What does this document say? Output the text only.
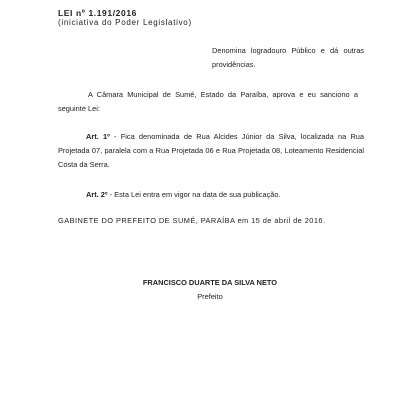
LEI nº 1.191/2016
(iniciativa do Poder Legislativo)
Denomina logradouro Público e dá outras providências.
A Câmara Municipal de Sumé, Estado da Paraíba, aprova e eu sanciono a seguinte Lei:
Art. 1º - Fica denominada de Rua Alcides Júnior da Silva, localizada na Rua Projetada 07, paralela com a Rua Projetada 06 e Rua Projetada 08, Loteamento Residencial Costa da Serra.
Art. 2º - Esta Lei entra em vigor na data de sua publicação.
GABINETE DO PREFEITO DE SUMÉ, PARAÍBA em 15 de abril de 2016.
FRANCISCO DUARTE DA SILVA NETO
Prefeito
